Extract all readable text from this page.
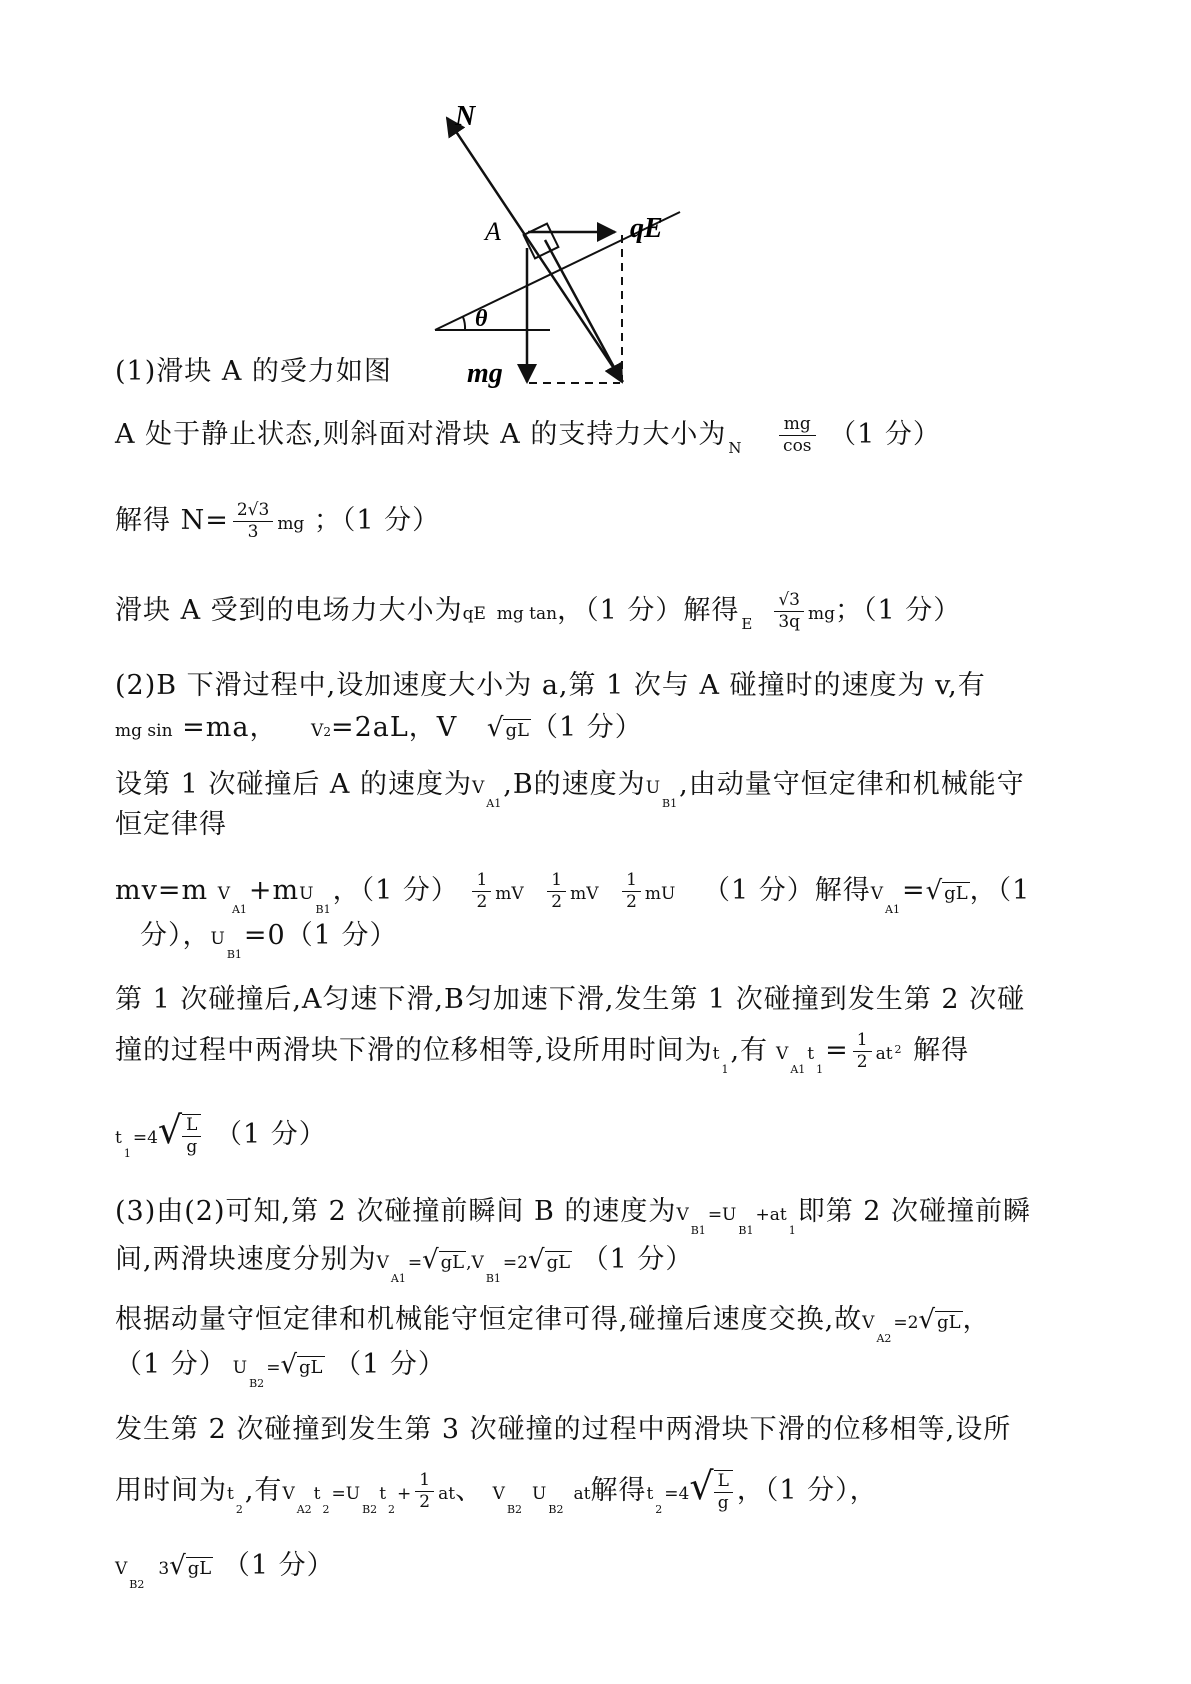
N
A	qE
θ
mg
(1)滑块 A 的受力如图
A 处于静止状态,则斜面对滑块 A 的支持力大小为 $_N \frac{mg}{\cos} (1$ 分）
解得 $N= \frac{2√3}{3}$ mg ；（1 分）
滑块 A 受到的电场力大小为qE  mg tan，（1 分）解得 $_E \frac{√3}{3q}$ mg；（1 分）
(2)B 下滑过程中,设加速度大小为 a,第 1 次与 A 碰撞时的速度为 v,有
mg sin =ma， V2=2aL，V √ gL（1 分）
设第 1 次碰撞后 A 的速度为$V_{A1},B$的速度为$U_{B1}$,由动量守恒定律和机械能守
恒定律得
mv=m $V_{A1}+mU_{B1}$，（1 分） $\frac{1}{2}$ mV $\frac{1}{2}$ mV $\frac{1}{2}$ mU （1 分）解得$V_{A1}=√$ gL，（1
分），$U_{B1}=0(1$ 分）
第 1 次碰撞后,A匀速下滑,B匀加速下滑,发生第 1 次碰撞到发生第 2 次碰
撞的过程中两滑块下滑的位移相等,设所用时间为$t_1$,有 $V_{A1}t_1= \frac{1}{2}$ at $^2$ 解得
$t_1=4√ \frac{L}{g} (1$ 分）
(3)由(2)可知,第 2 次碰撞前瞬间 B 的速度为$V_{B1}=U_{B1}+at_1$即第 2 次碰撞前瞬
间,两滑块速度分别为$V_{A1}=√$ gL $,V_{B1}=2√$ gL （1 分）
根据动量守恒定律和机械能守恒定律可得,碰撞后速度交换,故$V_{A2}=2√$ gL，
（1 分） $U_{B2}=√$ gL （1 分）
发生第 2 次碰撞到发生第 3 次碰撞的过程中两滑块下滑的位移相等,设所
用时间为$t_2$,有$V_{A2}t_2=U_{B2}t_2+ \frac{1}{2}$ at、 $V_{B2}U_{B2}at$解得$t_2=4√ \frac{L}{g}$ ，（1 分），
$V_{B2}3√$ gL （1 分）
